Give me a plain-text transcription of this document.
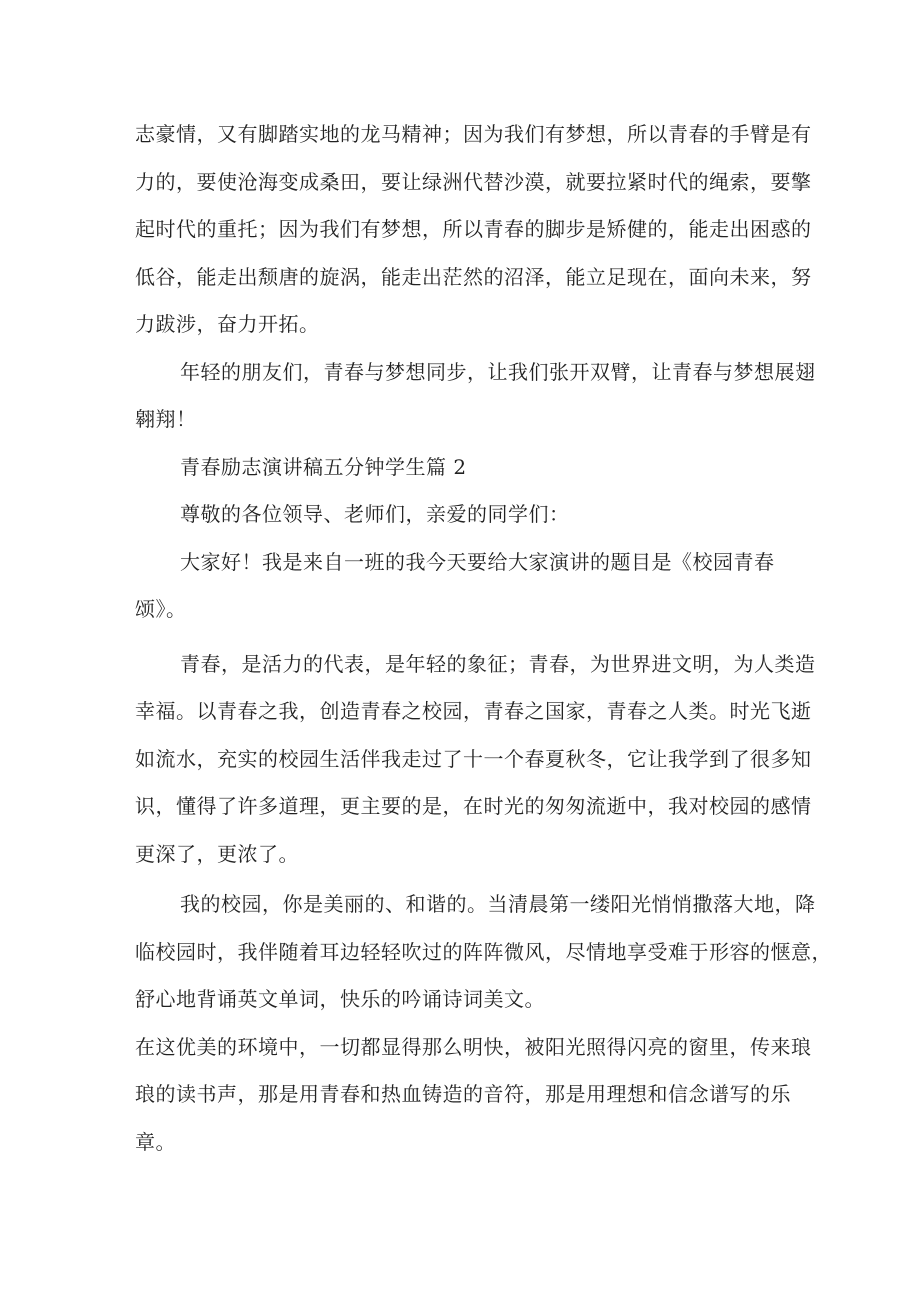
志豪情，又有脚踏实地的龙马精神；因为我们有梦想，所以青春的手臂是有
力的，要使沧海变成桑田，要让绿洲代替沙漠，就要拉紧时代的绳索，要擎
起时代的重托；因为我们有梦想，所以青春的脚步是矫健的，能走出困惑的
低谷，能走出颓唐的旋涡，能走出茫然的沼泽，能立足现在，面向未来，努
力跋涉，奋力开拓。
年轻的朋友们，青春与梦想同步，让我们张开双臂，让青春与梦想展翅
翱翔！
青春励志演讲稿五分钟学生篇 2
尊敬的各位领导、老师们，亲爱的同学们：
大家好！我是来自一班的我今天要给大家演讲的题目是《校园青春
颂》。
青春，是活力的代表，是年轻的象征；青春，为世界进文明，为人类造
幸福。以青春之我，创造青春之校园，青春之国家，青春之人类。时光飞逝
如流水，充实的校园生活伴我走过了十一个春夏秋冬，它让我学到了很多知
识，懂得了许多道理，更主要的是，在时光的匆匆流逝中，我对校园的感情
更深了，更浓了。
我的校园，你是美丽的、和谐的。当清晨第一缕阳光悄悄撒落大地，降
临校园时，我伴随着耳边轻轻吹过的阵阵微风，尽情地享受难于形容的惬意，
舒心地背诵英文单词，快乐的吟诵诗词美文。
在这优美的环境中，一切都显得那么明快，被阳光照得闪亮的窗里，传来琅
琅的读书声，那是用青春和热血铸造的音符，那是用理想和信念谱写的乐
章。
